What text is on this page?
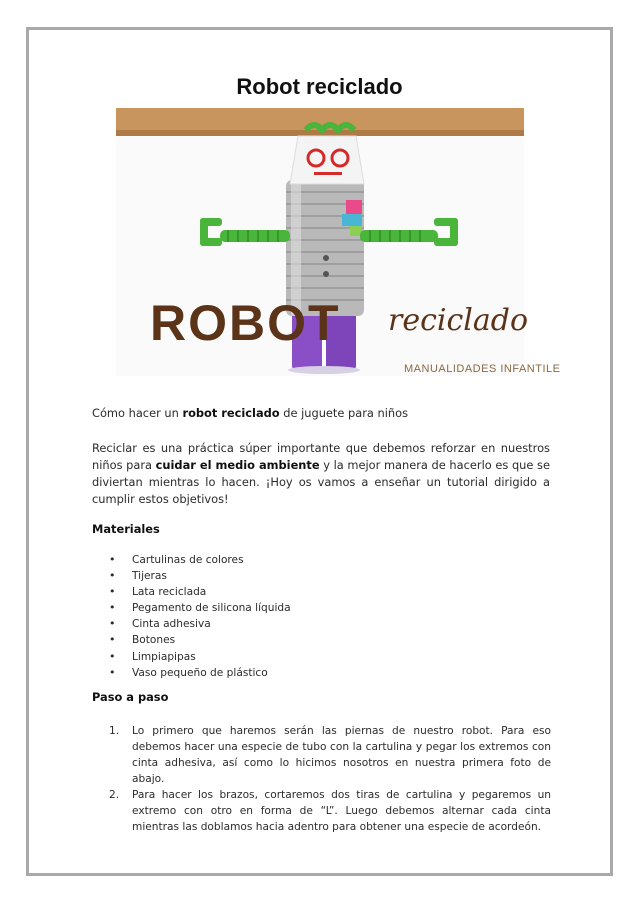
Robot reciclado
ROBOT reciclado
MANUALIDADES INFANTILE
Cómo hacer un robot reciclado de juguete para niños
Reciclar es una práctica súper importante que debemos reforzar en nuestros niños para cuidar el medio ambiente y la mejor manera de hacerlo es que se diviertan mientras lo hacen. ¡Hoy os vamos a enseñar un tutorial dirigido a cumplir estos objetivos!
Materiales
• Cartulinas de colores
• Tijeras
• Lata reciclada
• Pegamento de silicona líquida
• Cinta adhesiva
• Botones
• Limpiapipas
• Vaso pequeño de plástico
Paso a paso
1. Lo primero que haremos serán las piernas de nuestro robot. Para eso debemos hacer una especie de tubo con la cartulina y pegar los extremos con cinta adhesiva, así como lo hicimos nosotros en nuestra primera foto de abajo.
2. Para hacer los brazos, cortaremos dos tiras de cartulina y pegaremos un extremo con otro en forma de “L”. Luego debemos alternar cada cinta mientras las doblamos hacia adentro para obtener una especie de acordeón.
